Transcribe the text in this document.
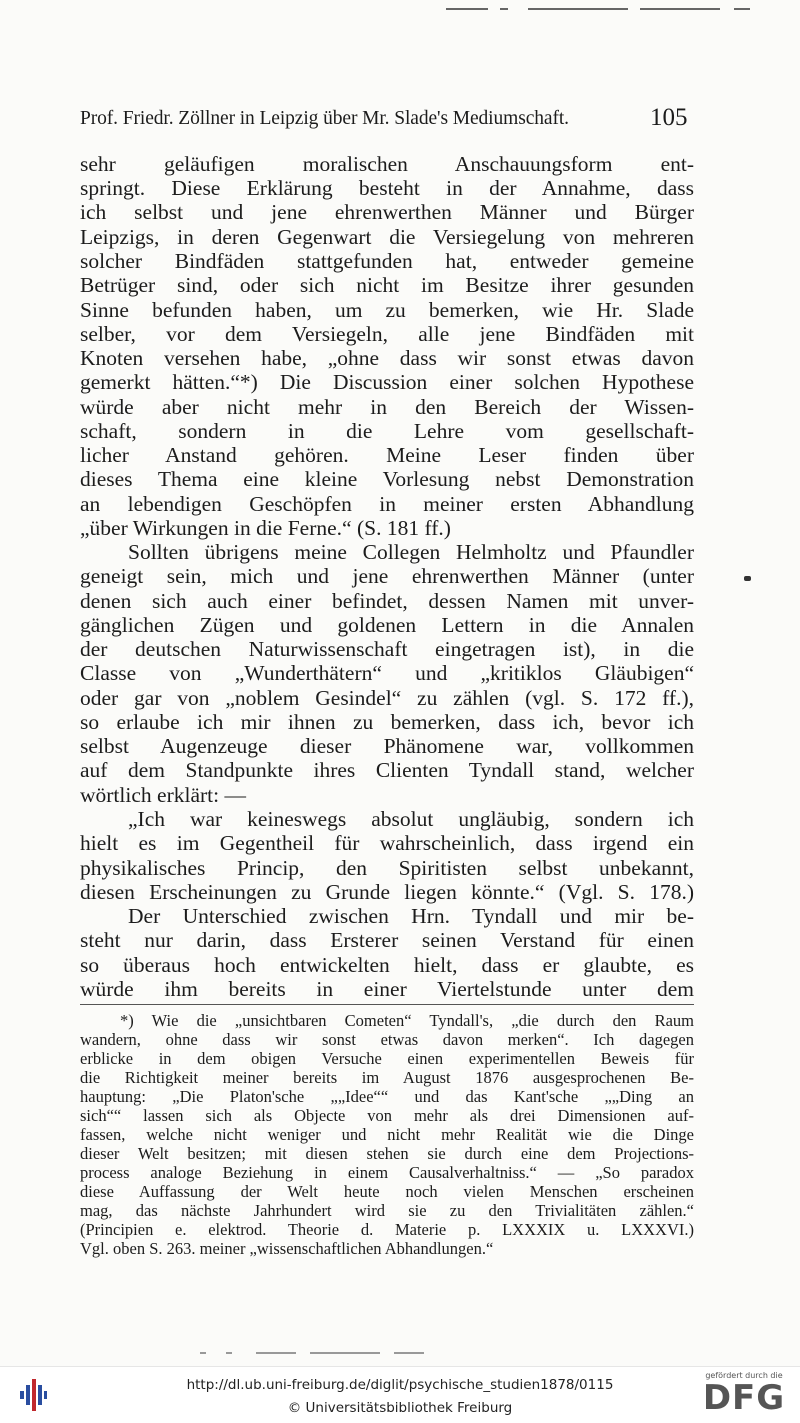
Prof. Friedr. Zöllner in Leipzig über Mr. Slade's Mediumschaft.	105
sehr geläufigen moralischen Anschauungsform ent-
springt. Diese Erklärung besteht in der Annahme, dass
ich selbst und jene ehrenwerthen Männer und Bürger
Leipzigs, in deren Gegenwart die Versiegelung von mehreren
solcher Bindfäden stattgefunden hat, entweder gemeine
Betrüger sind, oder sich nicht im Besitze ihrer gesunden
Sinne befunden haben, um zu bemerken, wie Hr. Slade
selber, vor dem Versiegeln, alle jene Bindfäden mit
Knoten versehen habe, „ohne dass wir sonst etwas davon
gemerkt hätten.“*) Die Discussion einer solchen Hypothese
würde aber nicht mehr in den Bereich der Wissen-
schaft, sondern in die Lehre vom gesellschaft-
licher Anstand gehören. Meine Leser finden über
dieses Thema eine kleine Vorlesung nebst Demonstration
an lebendigen Geschöpfen in meiner ersten Abhandlung
„über Wirkungen in die Ferne.“ (S. 181 ff.)
Sollten übrigens meine Collegen Helmholtz und Pfaundler
geneigt sein, mich und jene ehrenwerthen Männer (unter
denen sich auch einer befindet, dessen Namen mit unver-
gänglichen Zügen und goldenen Lettern in die Annalen
der deutschen Naturwissenschaft eingetragen ist), in die
Classe von „Wunderthätern“ und „kritiklos Gläubigen“
oder gar von „noblem Gesindel“ zu zählen (vgl. S. 172 ff.),
so erlaube ich mir ihnen zu bemerken, dass ich, bevor ich
selbst Augenzeuge dieser Phänomene war, vollkommen
auf dem Standpunkte ihres Clienten Tyndall stand, welcher
wörtlich erklärt: —
„Ich war keineswegs absolut ungläubig, sondern ich
hielt es im Gegentheil für wahrscheinlich, dass irgend ein
physikalisches Princip, den Spiritisten selbst unbekannt,
diesen Erscheinungen zu Grunde liegen könnte.“ (Vgl. S. 178.)
Der Unterschied zwischen Hrn. Tyndall und mir be-
steht nur darin, dass Ersterer seinen Verstand für einen
so überaus hoch entwickelten hielt, dass er glaubte, es
würde ihm bereits in einer Viertelstunde unter dem
*) Wie die „unsichtbaren Cometen“ Tyndall's, „die durch den Raum
wandern, ohne dass wir sonst etwas davon merken“. Ich dagegen
erblicke in dem obigen Versuche einen experimentellen Beweis für
die Richtigkeit meiner bereits im August 1876 ausgesprochenen Be-
hauptung: „Die Platon'sche „„Idee““ und das Kant'sche „„Ding an
sich““ lassen sich als Objecte von mehr als drei Dimensionen auf-
fassen, welche nicht weniger und nicht mehr Realität wie die Dinge
dieser Welt besitzen; mit diesen stehen sie durch eine dem Projections-
process analoge Beziehung in einem Causalverhaltniss.“ — „So paradox
diese Auffassung der Welt heute noch vielen Menschen erscheinen
mag, das nächste Jahrhundert wird sie zu den Trivialitäten zählen.“
(Principien e. elektrod. Theorie d. Materie p. LXXXIX u. LXXXVI.)
Vgl. oben S. 263. meiner „wissenschaftlichen Abhandlungen.“
http://dl.ub.uni-freiburg.de/diglit/psychische_studien1878/0115
© Universitätsbibliothek Freiburg
gefördert durch die
DFG
